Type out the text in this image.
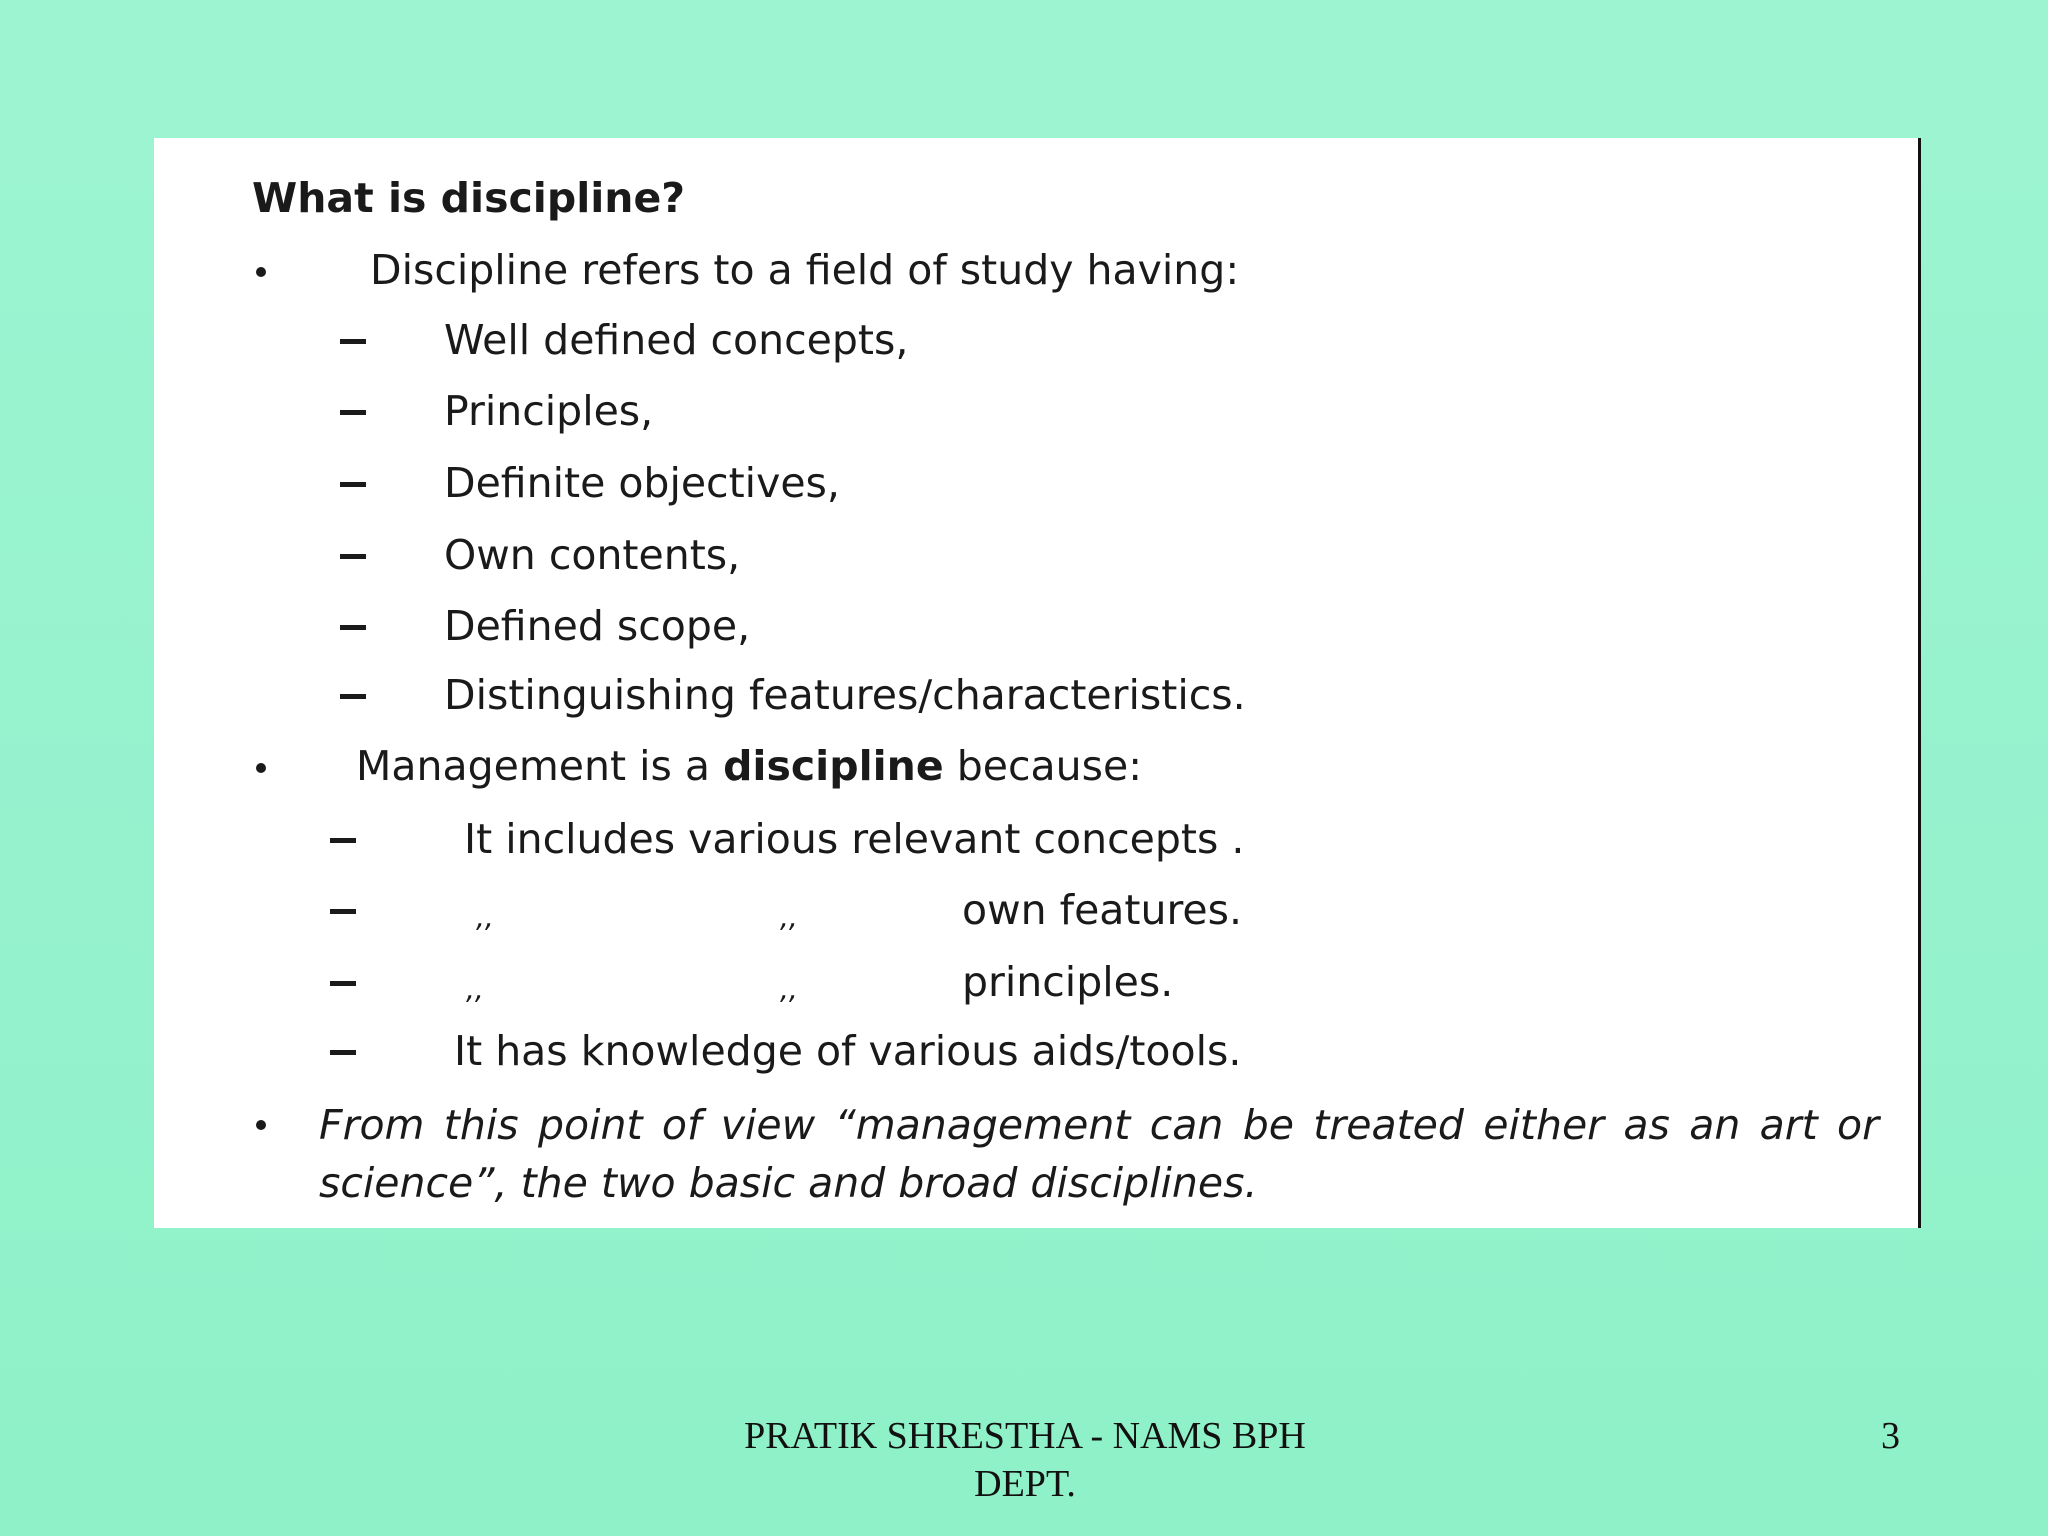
What is discipline?
Discipline refers to a field of study having:
Well defined concepts,
Principles,
Definite objectives,
Own contents,
Defined scope,
Distinguishing features/characteristics.
Management is a discipline because:
It includes various relevant concepts .
,,	,,	own features.
,,	,,	principles.
It has knowledge of various aids/tools.
From this point of view “management can be treated either as an art or science”, the two basic and broad disciplines.
PRATIK SHRESTHA - NAMS BPH
DEPT.
3
